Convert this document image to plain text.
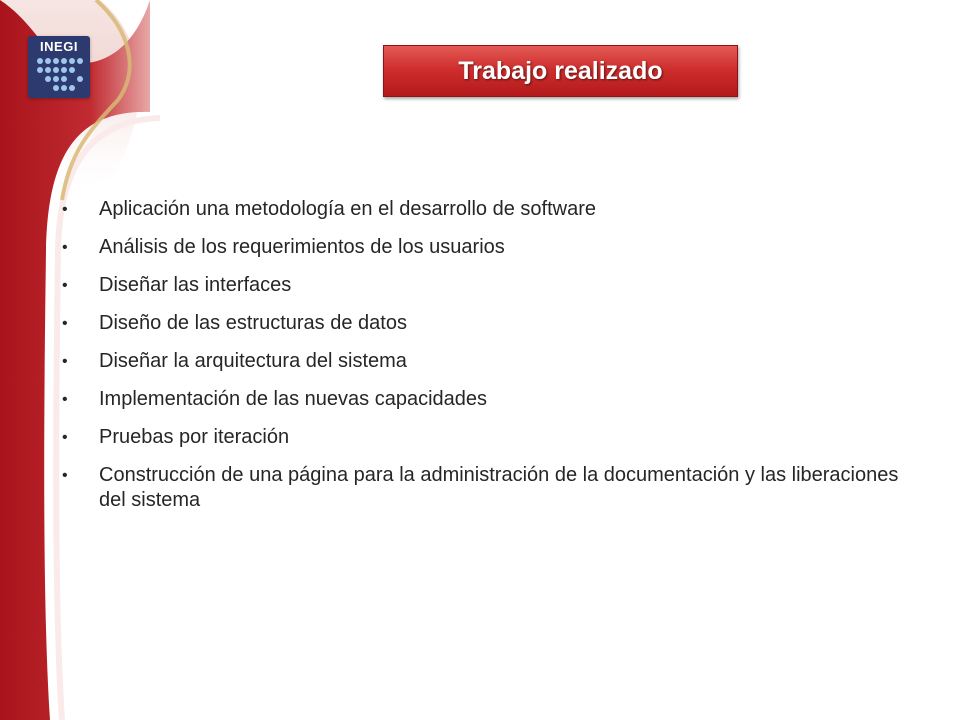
INEGI
Trabajo realizado
• Aplicación una metodología en el desarrollo de software
• Análisis de los requerimientos de los usuarios
• Diseñar las interfaces
• Diseño de las estructuras de datos
• Diseñar la arquitectura del sistema
• Implementación de las nuevas capacidades
• Pruebas por iteración
• Construcción de una página para la administración de la documentación y las liberaciones del sistema
